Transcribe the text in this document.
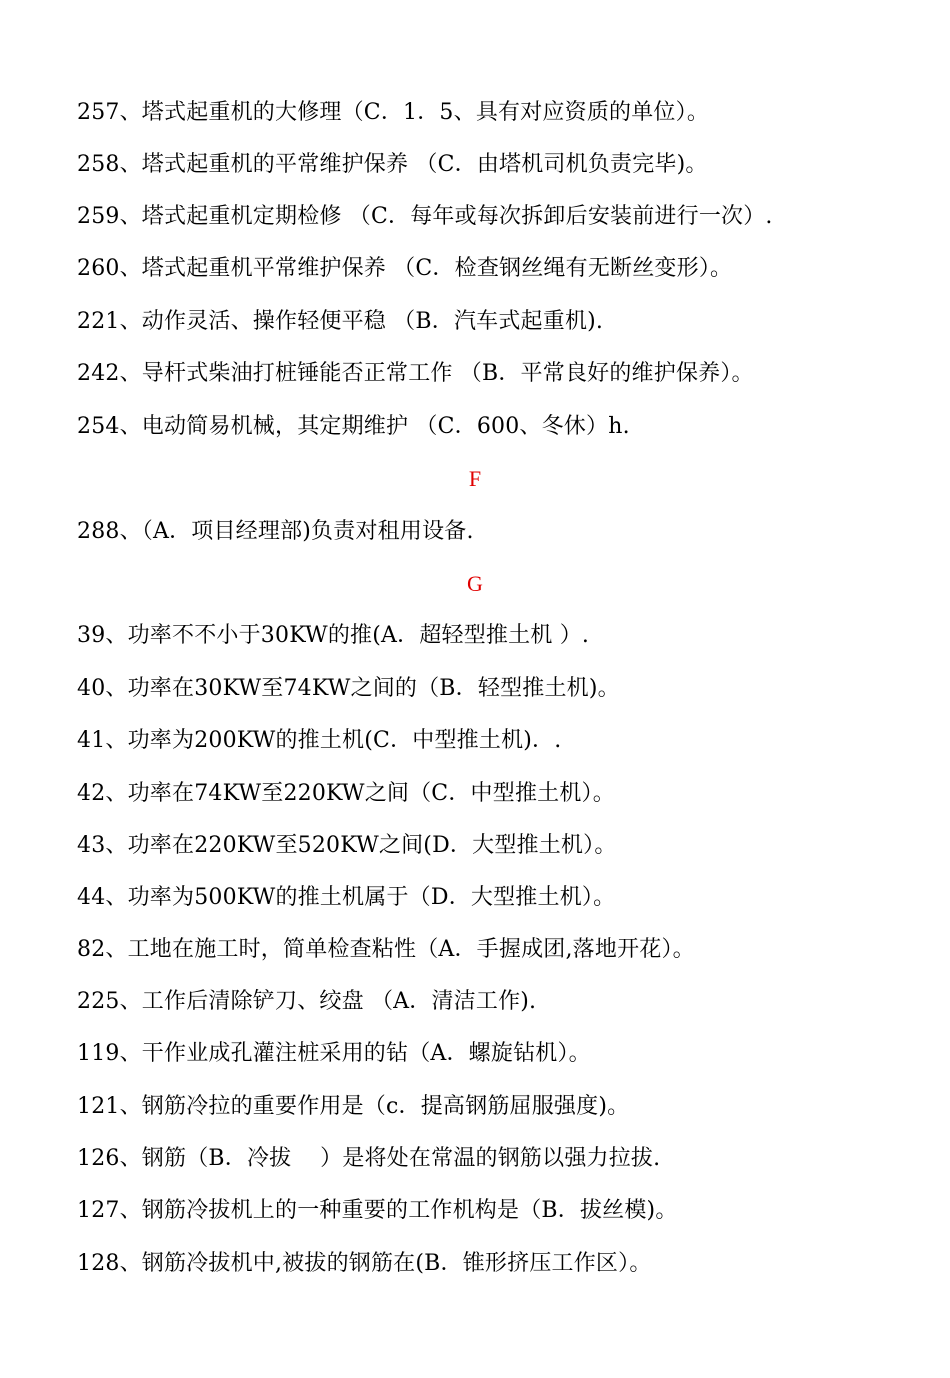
257、塔式起重机的大修理（C．1．5、具有对应资质的单位）。
258、塔式起重机的平常维护保养 （C．由塔机司机负责完毕)。
259、塔式起重机定期检修 （C．每年或每次拆卸后安装前进行一次）.
260、塔式起重机平常维护保养 （C．检查钢丝绳有无断丝变形）。
221、动作灵活、操作轻便平稳 （B．汽车式起重机).
242、导杆式柴油打桩锤能否正常工作 （B．平常良好的维护保养）。
254、电动简易机械，其定期维护 （C．600、冬休）h.
F
288、（A．项目经理部)负责对租用设备.
G
39、功率不不小于30KW的推(A．超轻型推土机 ）.
40、功率在30KW至74KW之间的（B．轻型推土机)。
41、功率为200KW的推土机(C．中型推土机)．.
42、功率在74KW至220KW之间（C．中型推土机）。
43、功率在220KW至520KW之间(D．大型推土机）。
44、功率为500KW的推土机属于（D．大型推土机）。
82、工地在施工时，简单检查粘性（A．手握成团,落地开花）。
225、工作后清除铲刀、绞盘 （A．清洁工作).
119、干作业成孔灌注桩采用的钻（A．螺旋钻机）。
121、钢筋冷拉的重要作用是（c．提高钢筋屈服强度)。
126、钢筋（B．冷拔    ）是将处在常温的钢筋以强力拉拔.
127、钢筋冷拔机上的一种重要的工作机构是（B．拔丝模)。
128、钢筋冷拔机中,被拔的钢筋在(B．锥形挤压工作区）。
